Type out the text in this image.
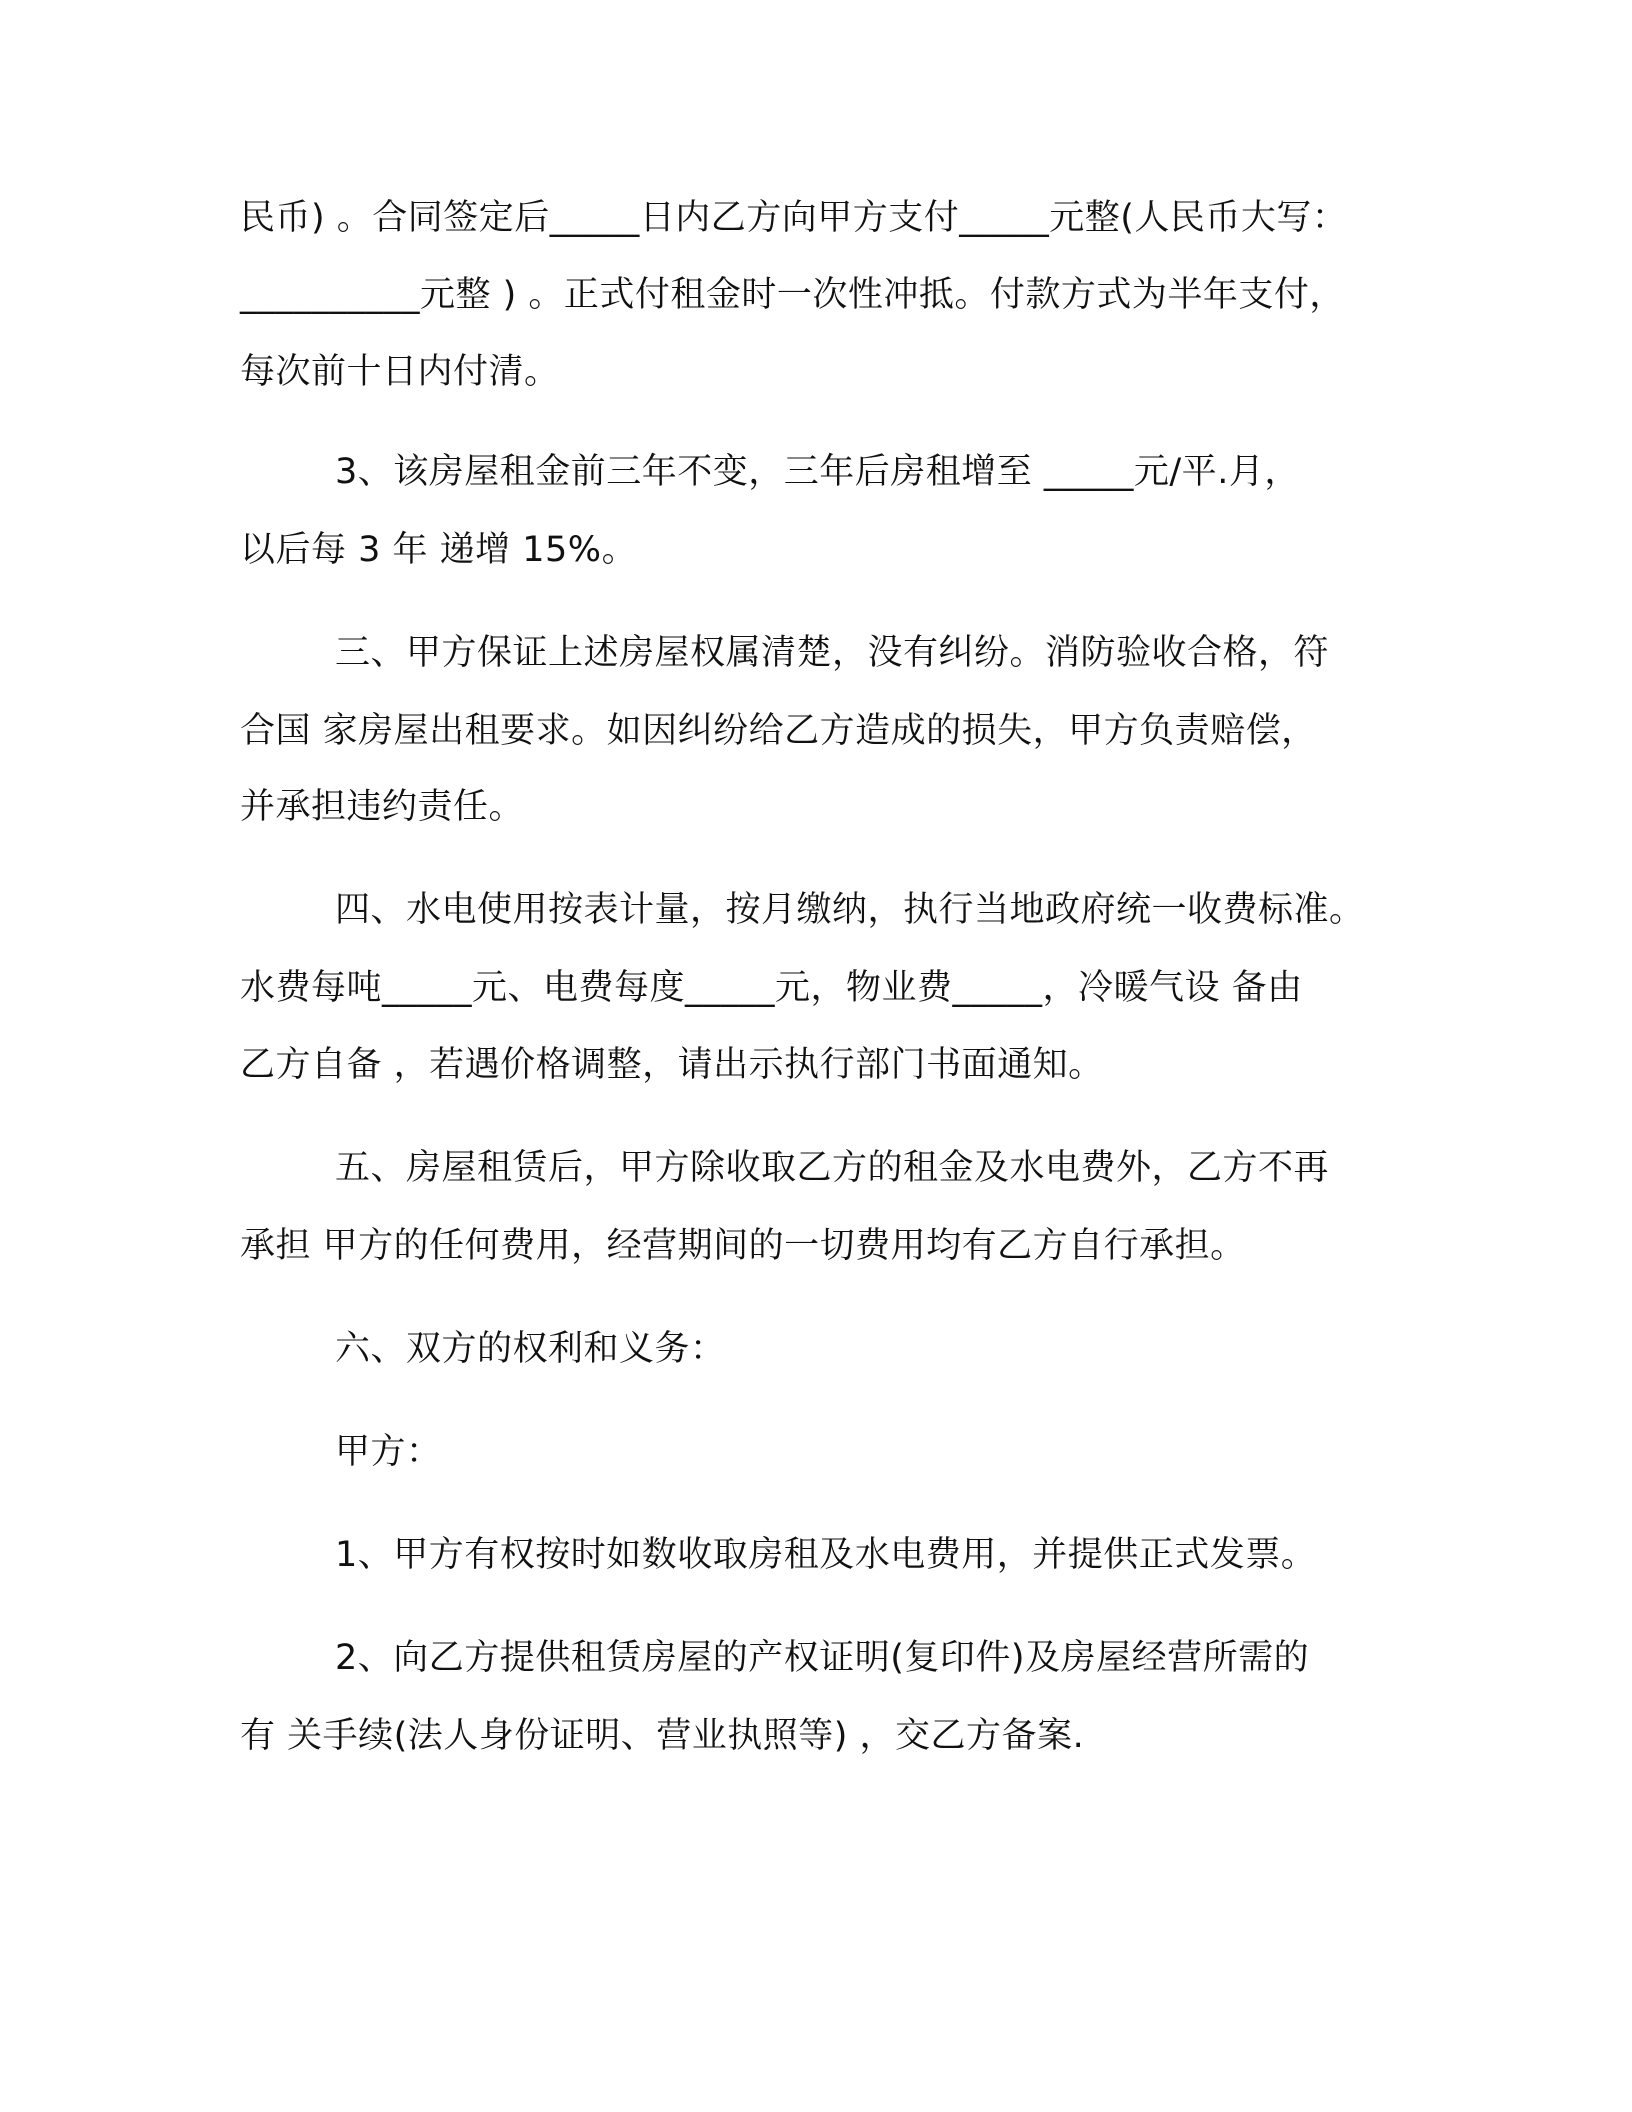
民币) 。合同签定后_____日内乙方向甲方支付_____元整(人民币大写：
__________元整 ) 。正式付租金时一次性冲抵。付款方式为半年支付，
每次前十日内付清。
3、该房屋租金前三年不变，三年后房租增至 _____元/平.月，
以后每 3 年 递增 15%。
三、甲方保证上述房屋权属清楚，没有纠纷。消防验收合格，符
合国 家房屋出租要求。如因纠纷给乙方造成的损失，甲方负责赔偿，
并承担违约责任。
四、水电使用按表计量，按月缴纳，执行当地政府统一收费标准。
水费每吨_____元、电费每度_____元，物业费_____，冷暖气设 备由
乙方自备 ，若遇价格调整，请出示执行部门书面通知。
五、房屋租赁后，甲方除收取乙方的租金及水电费外，乙方不再
承担 甲方的任何费用，经营期间的一切费用均有乙方自行承担。
六、双方的权利和义务：
甲方：
1、甲方有权按时如数收取房租及水电费用，并提供正式发票。
2、向乙方提供租赁房屋的产权证明(复印件)及房屋经营所需的
有 关手续(法人身份证明、营业执照等) ，交乙方备案.
